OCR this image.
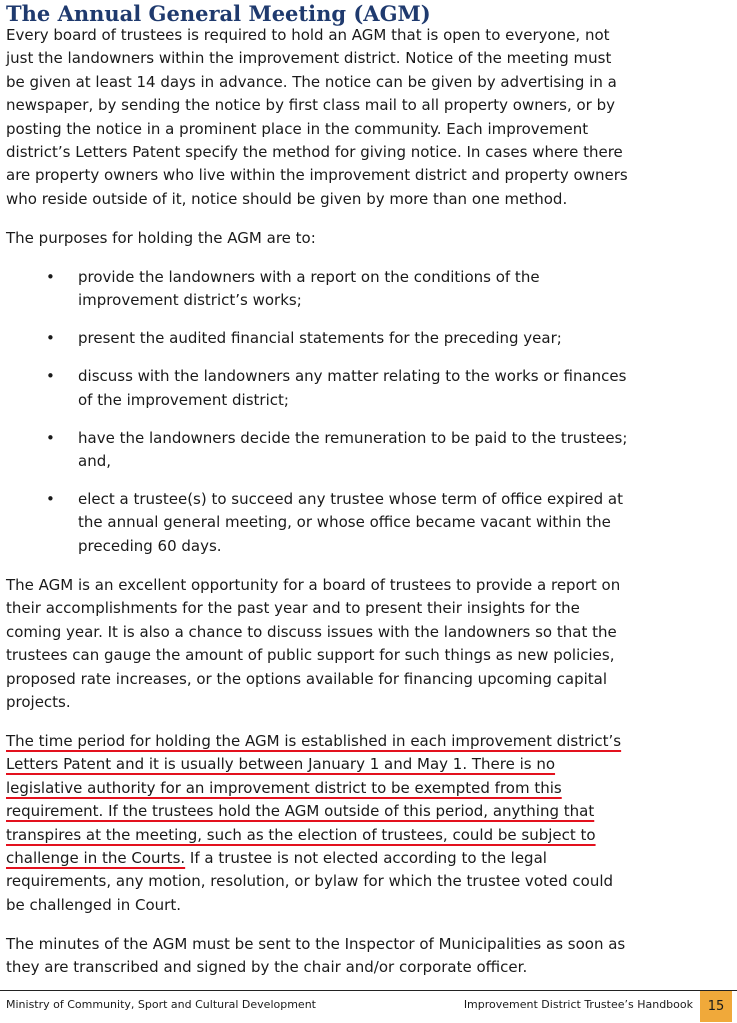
The Annual General Meeting (AGM)

Every board of trustees is required to hold an AGM that is open to everyone, not just the landowners within the improvement district. Notice of the meeting must be given at least 14 days in advance. The notice can be given by advertising in a newspaper, by sending the notice by first class mail to all property owners, or by posting the notice in a prominent place in the community. Each improvement district’s Letters Patent specify the method for giving notice. In cases where there are property owners who live within the improvement district and property owners who reside outside of it, notice should be given by more than one method.

The purposes for holding the AGM are to:

• provide the landowners with a report on the conditions of the improvement district’s works;
• present the audited financial statements for the preceding year;
• discuss with the landowners any matter relating to the works or finances of the improvement district;
• have the landowners decide the remuneration to be paid to the trustees; and,
• elect a trustee(s) to succeed any trustee whose term of office expired at the annual general meeting, or whose office became vacant within the preceding 60 days.

The AGM is an excellent opportunity for a board of trustees to provide a report on their accomplishments for the past year and to present their insights for the coming year. It is also a chance to discuss issues with the landowners so that the trustees can gauge the amount of public support for such things as new policies, proposed rate increases, or the options available for financing upcoming capital projects.

The time period for holding the AGM is established in each improvement district’s Letters Patent and it is usually between January 1 and May 1. There is no legislative authority for an improvement district to be exempted from this requirement. If the trustees hold the AGM outside of this period, anything that transpires at the meeting, such as the election of trustees, could be subject to challenge in the Courts. If a trustee is not elected according to the legal requirements, any motion, resolution, or bylaw for which the trustee voted could be challenged in Court.

The minutes of the AGM must be sent to the Inspector of Municipalities as soon as they are transcribed and signed by the chair and/or corporate officer.

Ministry of Community, Sport and Cultural Development	Improvement District Trustee’s Handbook	15
